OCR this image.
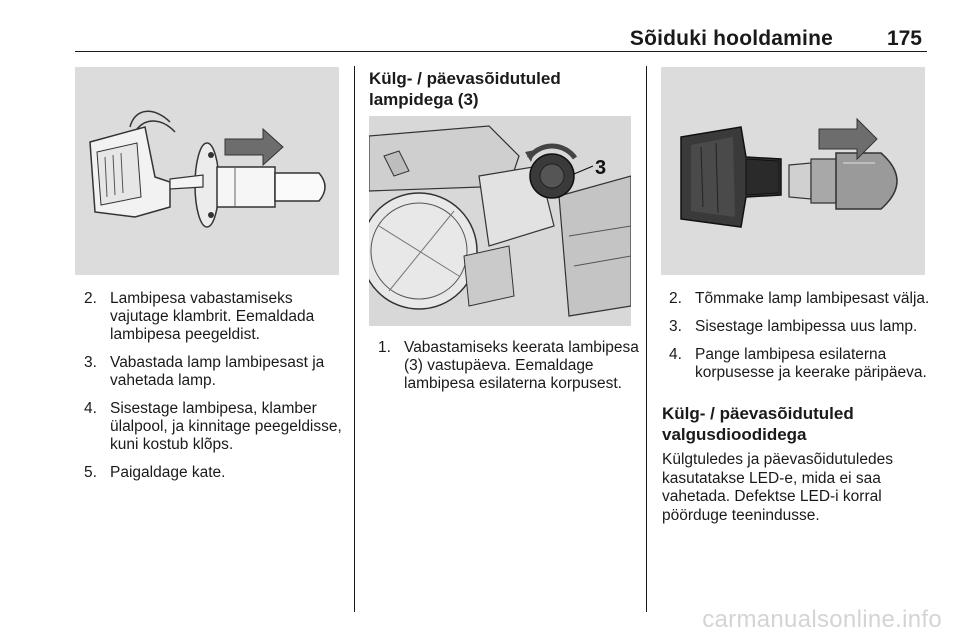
Sõiduki hooldamine	175
2. Lambipesa vabastamiseks vajutage klambrit. Eemaldada lambipesa peegeldist.
3. Vabastada lamp lambipesast ja vahetada lamp.
4. Sisestage lambipesa, klamber ülalpool, ja kinnitage peegeldisse, kuni kostub klõps.
5. Paigaldage kate.
Külg- / päevasõidutuled
lampidega (3)
3
1. Vabastamiseks keerata lambipesa (3) vastupäeva. Eemaldage lambipesa esilaterna korpusest.
2. Tõmmake lamp lambipesast välja.
3. Sisestage lambipessa uus lamp.
4. Pange lambipesa esilaterna korpusesse ja keerake päripäeva.
Külg- / päevasõidutuled
valgusdioodidega

Külgtuledes ja päevasõidutuledes kasutatakse LED-e, mida ei saa vahetada. Defektse LED-i korral pöörduge teenindusse.

carmanualsonline.info
